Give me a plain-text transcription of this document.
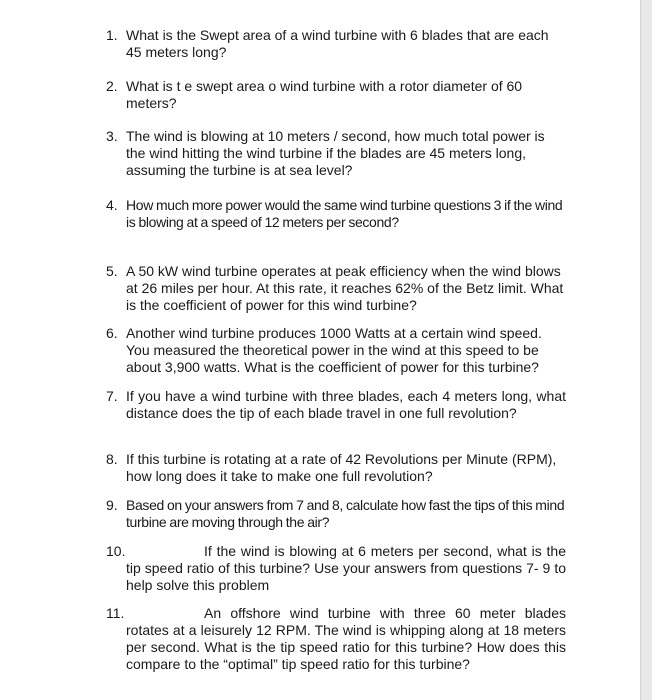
1. What is the Swept area of a wind turbine with 6 blades that are each 45 meters long?
2. What is t e swept area o wind turbine with a rotor diameter of 60 meters?
3. The wind is blowing at 10 meters / second, how much total power is the wind hitting the wind turbine if the blades are 45 meters long, assuming the turbine is at sea level?
4. How much more power would the same wind turbine questions 3 if the wind is blowing at a speed of 12 meters per second?
5. A 50 kW wind turbine operates at peak efficiency when the wind blows at 26 miles per hour. At this rate, it reaches 62% of the Betz limit. What is the coefficient of power for this wind turbine?
6. Another wind turbine produces 1000 Watts at a certain wind speed. You measured the theoretical power in the wind at this speed to be about 3,900 watts. What is the coefficient of power for this turbine?
7. If you have a wind turbine with three blades, each 4 meters long, what distance does the tip of each blade travel in one full revolution?
8. If this turbine is rotating at a rate of 42 Revolutions per Minute (RPM), how long does it take to make one full revolution?
9. Based on your answers from 7 and 8, calculate how fast the tips of this mind turbine are moving through the air?
10.	If the wind is blowing at 6 meters per second, what is the tip speed ratio of this turbine? Use your answers from questions 7- 9 to help solve this problem
11.	An offshore wind turbine with three 60 meter blades rotates at a leisurely 12 RPM. The wind is whipping along at 18 meters per second. What is the tip speed ratio for this turbine? How does this compare to the “optimal” tip speed ratio for this turbine?
